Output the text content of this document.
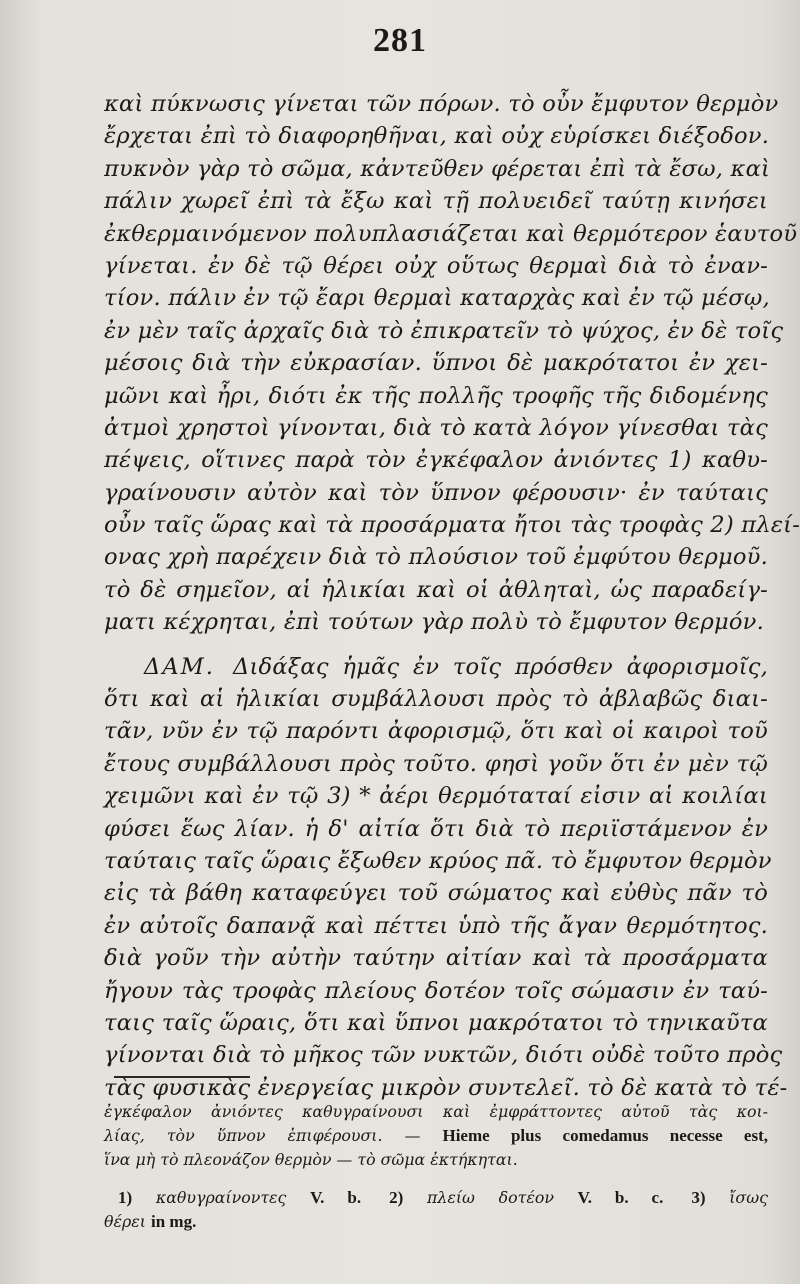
281
καὶ πύκνωσις γίνεται τῶν πόρων. τὸ οὖν ἔμφυτον θερμὸν
ἔρχεται ἐπὶ τὸ διαφορηθῆναι, καὶ οὐχ εὑρίσκει διέξοδον.
πυκνὸν γὰρ τὸ σῶμα, κἀντεῦθεν φέρεται ἐπὶ τὰ ἔσω, καὶ
πάλιν χωρεῖ ἐπὶ τὰ ἔξω καὶ τῇ πολυειδεῖ ταύτῃ κινήσει
ἐκθερμαινόμενον πολυπλασιάζεται καὶ θερμότερον ἑαυτοῦ
γίνεται. ἐν δὲ τῷ θέρει οὐχ οὕτως θερμαὶ διὰ τὸ ἐναν-
τίον. πάλιν ἐν τῷ ἔαρι θερμαὶ καταρχὰς καὶ ἐν τῷ μέσῳ,
ἐν μὲν ταῖς ἀρχαῖς διὰ τὸ ἐπικρατεῖν τὸ ψύχος, ἐν δὲ τοῖς
μέσοις διὰ τὴν εὐκρασίαν. ὕπνοι δὲ μακρότατοι ἐν χει-
μῶνι καὶ ἦρι, διότι ἐκ τῆς πολλῆς τροφῆς τῆς διδομένης
ἀτμοὶ χρηστοὶ γίνονται, διὰ τὸ κατὰ λόγον γίνεσθαι τὰς
πέψεις, οἵτινες παρὰ τὸν ἐγκέφαλον ἀνιόντες 1) καθυ-
γραίνουσιν αὐτὸν καὶ τὸν ὕπνον φέρουσιν· ἐν ταύταις
οὖν ταῖς ὥρας καὶ τὰ προσάρματα ἤτοι τὰς τροφὰς 2) πλεί-
ονας χρὴ παρέχειν διὰ τὸ πλούσιον τοῦ ἐμφύτου θερμοῦ.
τὸ δὲ σημεῖον, αἱ ἡλικίαι καὶ οἱ ἀθληταὶ, ὡς παραδείγ-
ματι κέχρηται, ἐπὶ τούτων γὰρ πολὺ τὸ ἔμφυτον θερμόν.
ΔΑΜ. Διδάξας ἡμᾶς ἐν τοῖς πρόσθεν ἀφορισμοῖς,
ὅτι καὶ αἱ ἡλικίαι συμβάλλουσι πρὸς τὸ ἀβλαβῶς διαι-
τᾶν, νῦν ἐν τῷ παρόντι ἀφορισμῷ, ὅτι καὶ οἱ καιροὶ τοῦ
ἔτους συμβάλλουσι πρὸς τοῦτο. φησὶ γοῦν ὅτι ἐν μὲν τῷ
χειμῶνι καὶ ἐν τῷ 3) * ἀέρι θερμόταταί εἰσιν αἱ κοιλίαι
φύσει ἕως λίαν. ἡ δ' αἰτία ὅτι διὰ τὸ περιϊστάμενον ἐν
ταύταις ταῖς ὥραις ἔξωθεν κρύος πᾶ. τὸ ἔμφυτον θερμὸν
εἰς τὰ βάθη καταφεύγει τοῦ σώματος καὶ εὐθὺς πᾶν τὸ
ἐν αὐτοῖς δαπανᾷ καὶ πέττει ὑπὸ τῆς ἄγαν θερμότητος.
διὰ γοῦν τὴν αὐτὴν ταύτην αἰτίαν καὶ τὰ προσάρματα
ἤγουν τὰς τροφὰς πλείους δοτέον τοῖς σώμασιν ἐν ταύ-
ταις ταῖς ὥραις, ὅτι καὶ ὕπνοι μακρότατοι τὸ τηνικαῦτα
γίνονται διὰ τὸ μῆκος τῶν νυκτῶν, διότι οὐδὲ τοῦτο πρὸς
τὰς φυσικὰς ἐνεργείας μικρὸν συντελεῖ. τὸ δὲ κατὰ τὸ τέ-
ἐγκέφαλον ἀνιόντες καθυγραίνουσι καὶ ἐμφράττοντες αὐτοῦ τὰς κοι-
λίας, τὸν ὕπνον ἐπιφέρουσι. — Hieme plus comedamus necesse est,
ἵνα μὴ τὸ πλεονάζον θερμὸν — τὸ σῶμα ἐκτήκηται.
1) καθυγραίνοντες V. b. 2) πλείω δοτέον V. b. c. 3) ἴσως
θέρει in mg.
